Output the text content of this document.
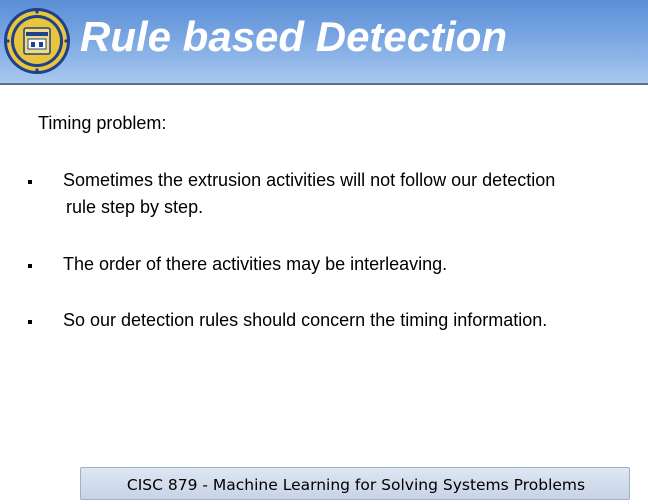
Rule based Detection
Timing problem:
Sometimes the extrusion activities will not follow our detection
rule step by step.
The order of there activities may be interleaving.
So our detection rules should concern the timing information.
CISC 879 - Machine Learning for Solving Systems Problems
